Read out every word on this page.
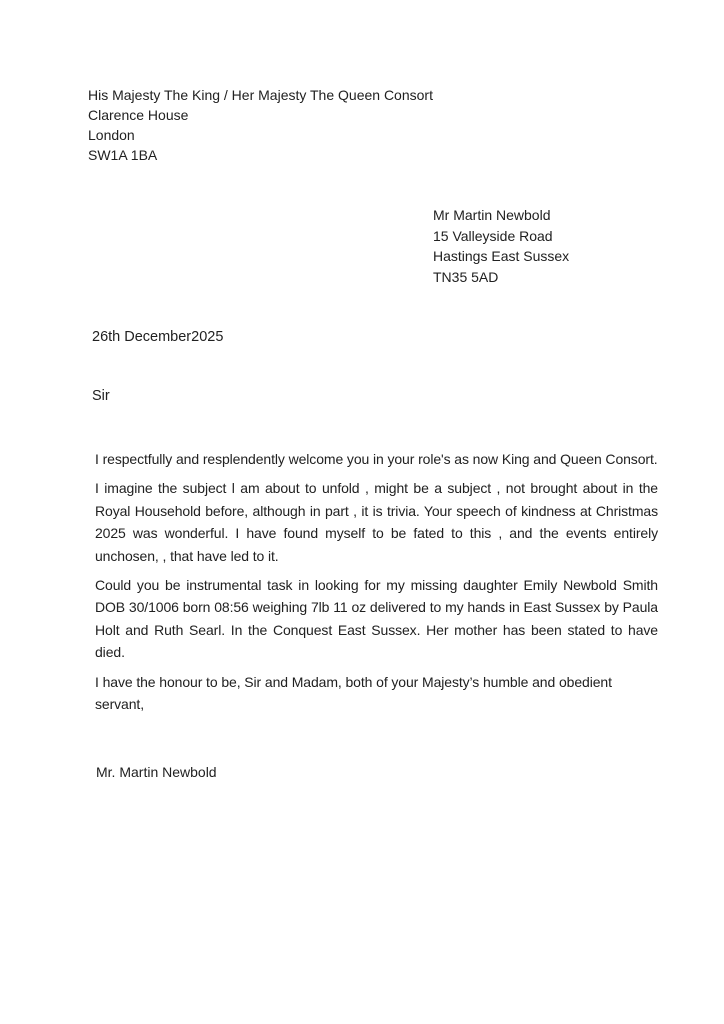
His Majesty The King / Her Majesty The Queen Consort
Clarence House
London
SW1A 1BA
Mr Martin Newbold
15 Valleyside Road
Hastings East Sussex
TN35 5AD
26th December2025
Sir

I respectfully and resplendently welcome you in your role's as now King and Queen Consort.

I imagine the subject l am about to unfold , might be a subject , not brought about in the Royal Household before, although in part , it is trivia. Your speech of kindness at Christmas 2025 was wonderful. I have found myself to be fated to this , and the events entirely unchosen, , that have led to it.

Could you be instrumental task in looking for my missing daughter Emily Newbold Smith DOB 30/1006 born 08:56 weighing 7lb 11 oz delivered to my hands in East Sussex by Paula Holt and Ruth Searl. In the Conquest East Sussex. Her mother has been stated to have died.

I have the honour to be, Sir and Madam, both of your Majesty’s humble and obedient servant,

Mr. Martin Newbold
